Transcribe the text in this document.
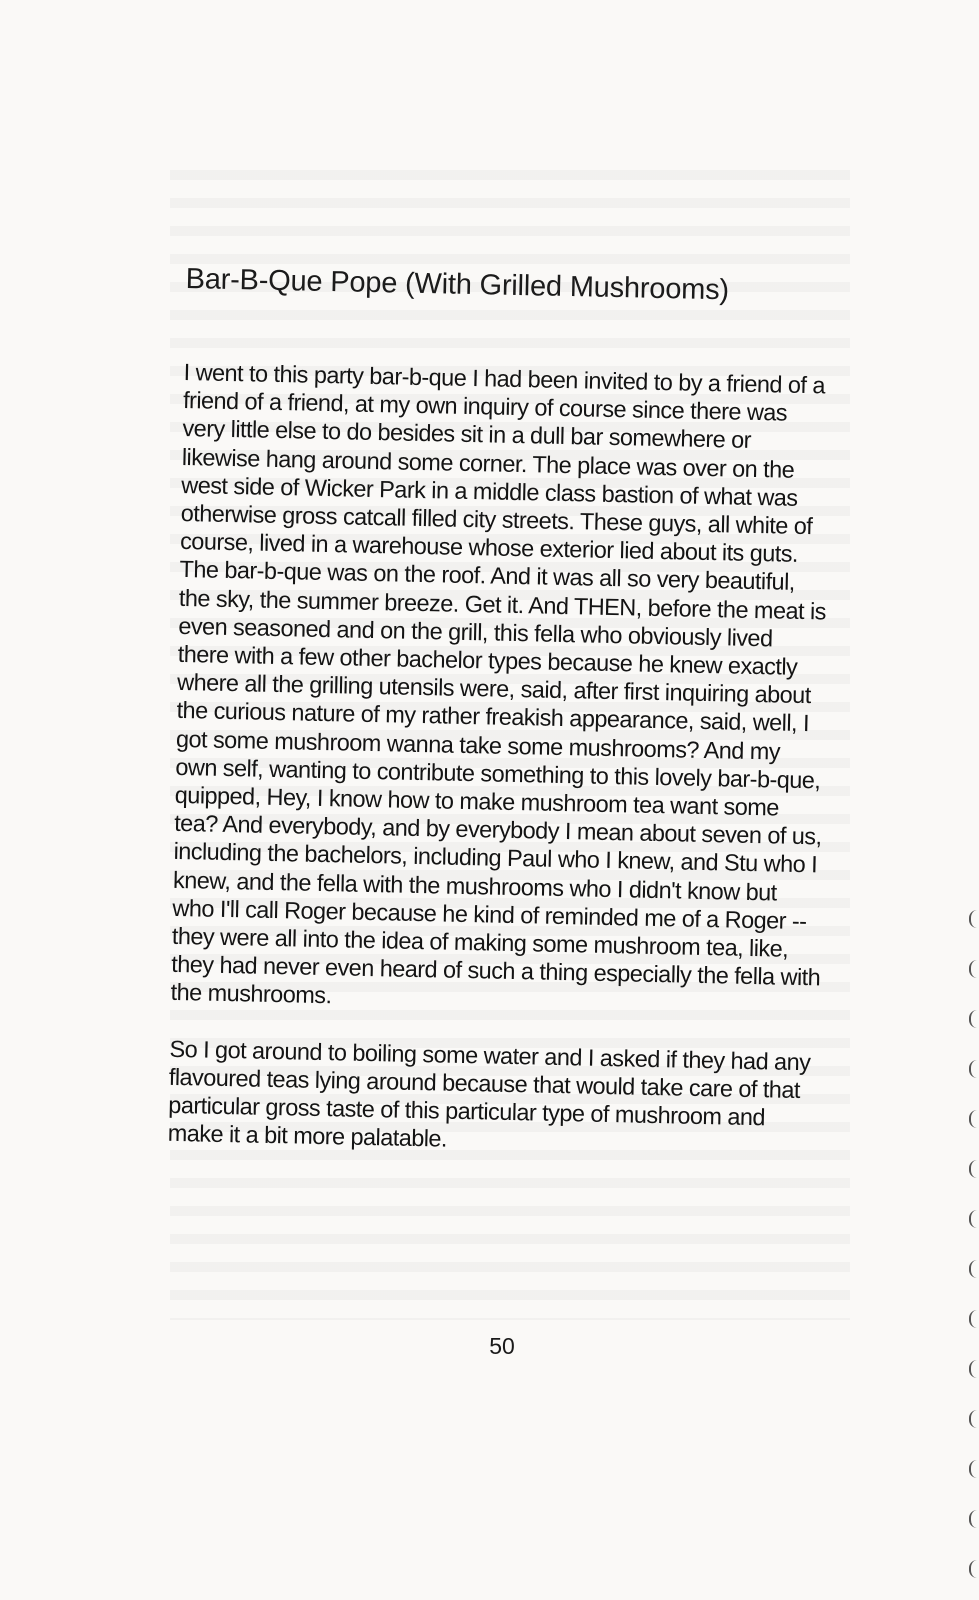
Bar-B-Que Pope (With Grilled Mushrooms)

I went to this party bar-b-que I had been invited to by a friend of a friend of a friend, at my own inquiry of course since there was very little else to do besides sit in a dull bar somewhere or likewise hang around some corner. The place was over on the west side of Wicker Park in a middle class bastion of what was otherwise gross catcall filled city streets. These guys, all white of course, lived in a warehouse whose exterior lied about its guts. The bar-b-que was on the roof. And it was all so very beautiful, the sky, the summer breeze. Get it. And THEN, before the meat is even seasoned and on the grill, this fella who obviously lived there with a few other bachelor types because he knew exactly where all the grilling utensils were, said, after first inquiring about the curious nature of my rather freakish appearance, said, well, I got some mushroom wanna take some mushrooms? And my own self, wanting to contribute something to this lovely bar-b-que, quipped, Hey, I know how to make mushroom tea want some tea? And everybody, and by everybody I mean about seven of us, including the bachelors, including Paul who I knew, and Stu who I knew, and the fella with the mushrooms who I didn't know but who I'll call Roger because he kind of reminded me of a Roger -- they were all into the idea of making some mushroom tea, like, they had never even heard of such a thing especially the fella with the mushrooms.

So I got around to boiling some water and I asked if they had any flavoured teas lying around because that would take care of that particular gross taste of this particular type of mushroom and make it a bit more palatable.

50
